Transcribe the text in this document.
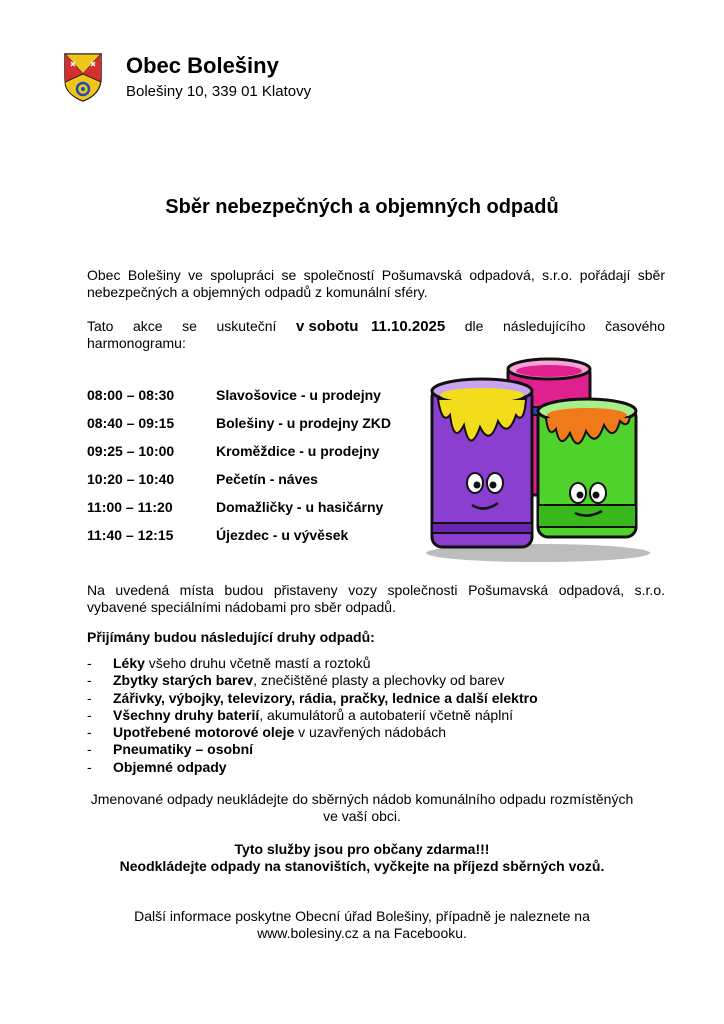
Obec Bolešiny
Bolešiny 10, 339 01 Klatovy
Sběr nebezpečných a objemných odpadů
Obec Bolešiny ve spolupráci se společností Pošumavská odpadová, s.r.o. pořádají sběr nebezpečných a objemných odpadů z komunální sféry.
Tato akce se uskuteční v sobotu   11.10.2025 dle následujícího časového
harmonogramu:
08:00 – 08:30	Slavošovice - u prodejny
08:40 – 09:15	Bolešiny - u prodejny ZKD
09:25 – 10:00	Kroměždice - u prodejny
10:20 – 10:40	Pečetín - náves
11:00 – 11:20	Domažličky - u hasičárny
11:40 – 12:15	Újezdec - u vývěsek
Na uvedená místa budou přistaveny vozy společnosti Pošumavská odpadová, s.r.o. vybavené speciálními nádobami pro sběr odpadů.
Přijímány budou následující druhy odpadů:
- Léky všeho druhu včetně mastí a roztoků
- Zbytky starých barev, znečištěné plasty a plechovky od barev
- Zářivky, výbojky, televizory, rádia, pračky, lednice a další elektro
- Všechny druhy baterií, akumulátorů a autobaterií včetně náplní
- Upotřebené motorové oleje v uzavřených nádobách
- Pneumatiky – osobní
- Objemné odpady
Jmenované odpady neukládejte do sběrných nádob komunálního odpadu rozmístěných
ve vaší obci.
Tyto služby jsou pro občany zdarma!!!
Neodkládejte odpady na stanovištích, vyčkejte na příjezd sběrných vozů.
Další informace poskytne Obecní úřad Bolešiny, případně je naleznete na
www.bolesiny.cz a na Facebooku.
